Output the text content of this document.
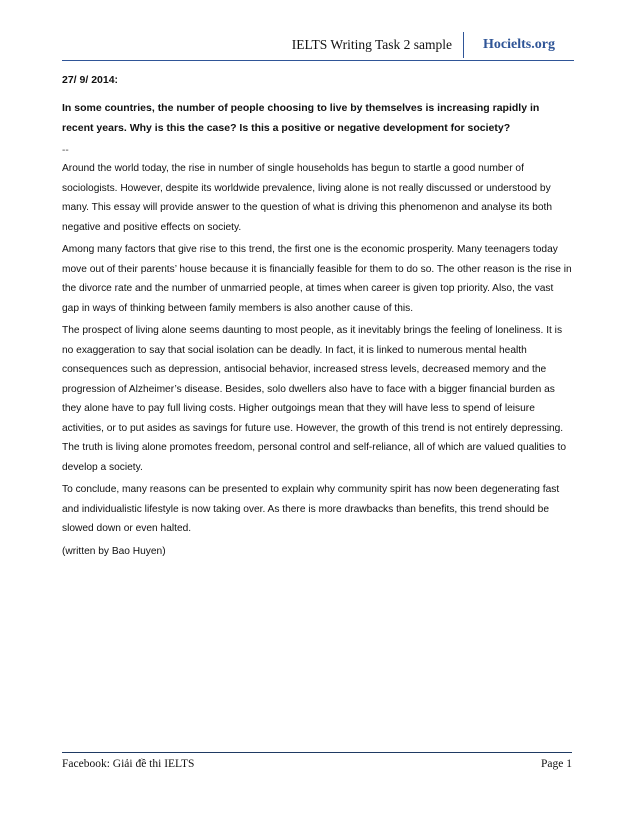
IELTS Writing Task 2 sample	Hocielts.org

27/ 9/ 2014:

In some countries, the number of people choosing to live by themselves is increasing rapidly in recent years. Why is this the case? Is this a positive or negative development for society?

--

Around the world today, the rise in number of single households has begun to startle a good number of sociologists. However, despite its worldwide prevalence, living alone is not really discussed or understood by many. This essay will provide answer to the question of what is driving this phenomenon and analyse its both negative and positive effects on society.

Among many factors that give rise to this trend, the first one is the economic prosperity. Many teenagers today move out of their parents’ house because it is financially feasible for them to do so. The other reason is the rise in the divorce rate and the number of unmarried people, at times when career is given top priority. Also, the vast gap in ways of thinking between family members is also another cause of this.

The prospect of living alone seems daunting to most people, as it inevitably brings the feeling of loneliness. It is no exaggeration to say that social isolation can be deadly. In fact, it is linked to numerous mental health consequences such as depression, antisocial behavior, increased stress levels, decreased memory and the progression of Alzheimer’s disease. Besides, solo dwellers also have to face with a bigger financial burden as they alone have to pay full living costs. Higher outgoings mean that they will have less to spend of leisure activities, or to put asides as savings for future use. However, the growth of this trend is not entirely depressing. The truth is living alone promotes freedom, personal control and self-reliance, all of which are valued qualities to develop a society.

To conclude, many reasons can be presented to explain why community spirit has now been degenerating fast and individualistic lifestyle is now taking over. As there is more drawbacks than benefits, this trend should be slowed down or even halted.

(written by Bao Huyen)

Facebook: Giải đề thi IELTS	Page 1
